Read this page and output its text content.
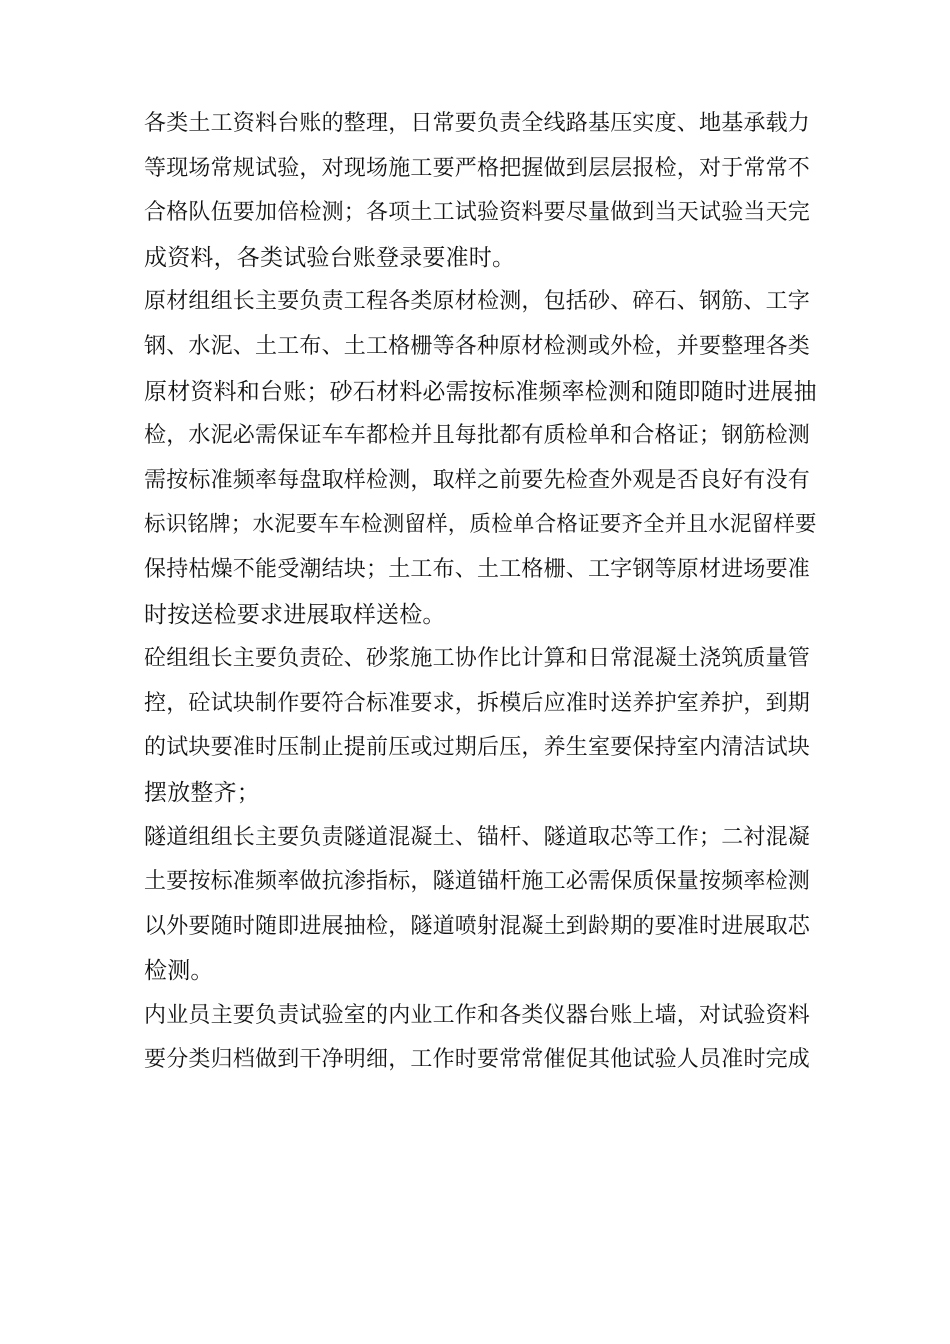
各类土工资料台账的整理，日常要负责全线路基压实度、地基承载力
等现场常规试验，对现场施工要严格把握做到层层报检，对于常常不
合格队伍要加倍检测；各项土工试验资料要尽量做到当天试验当天完
成资料，各类试验台账登录要准时。
原材组组长主要负责工程各类原材检测，包括砂、碎石、钢筋、工字
钢、水泥、土工布、土工格栅等各种原材检测或外检，并要整理各类
原材资料和台账；砂石材料必需按标准频率检测和随即随时进展抽
检，水泥必需保证车车都检并且每批都有质检单和合格证；钢筋检测
需按标准频率每盘取样检测，取样之前要先检查外观是否良好有没有
标识铭牌；水泥要车车检测留样，质检单合格证要齐全并且水泥留样要
保持枯燥不能受潮结块；土工布、土工格栅、工字钢等原材进场要准
时按送检要求进展取样送检。
砼组组长主要负责砼、砂浆施工协作比计算和日常混凝土浇筑质量管
控，砼试块制作要符合标准要求，拆模后应准时送养护室养护，到期
的试块要准时压制止提前压或过期后压，养生室要保持室内清洁试块
摆放整齐；
隧道组组长主要负责隧道混凝土、锚杆、隧道取芯等工作；二衬混凝
土要按标准频率做抗渗指标，隧道锚杆施工必需保质保量按频率检测
以外要随时随即进展抽检，隧道喷射混凝土到龄期的要准时进展取芯
检测。
内业员主要负责试验室的内业工作和各类仪器台账上墙，对试验资料
要分类归档做到干净明细，工作时要常常催促其他试验人员准时完成
